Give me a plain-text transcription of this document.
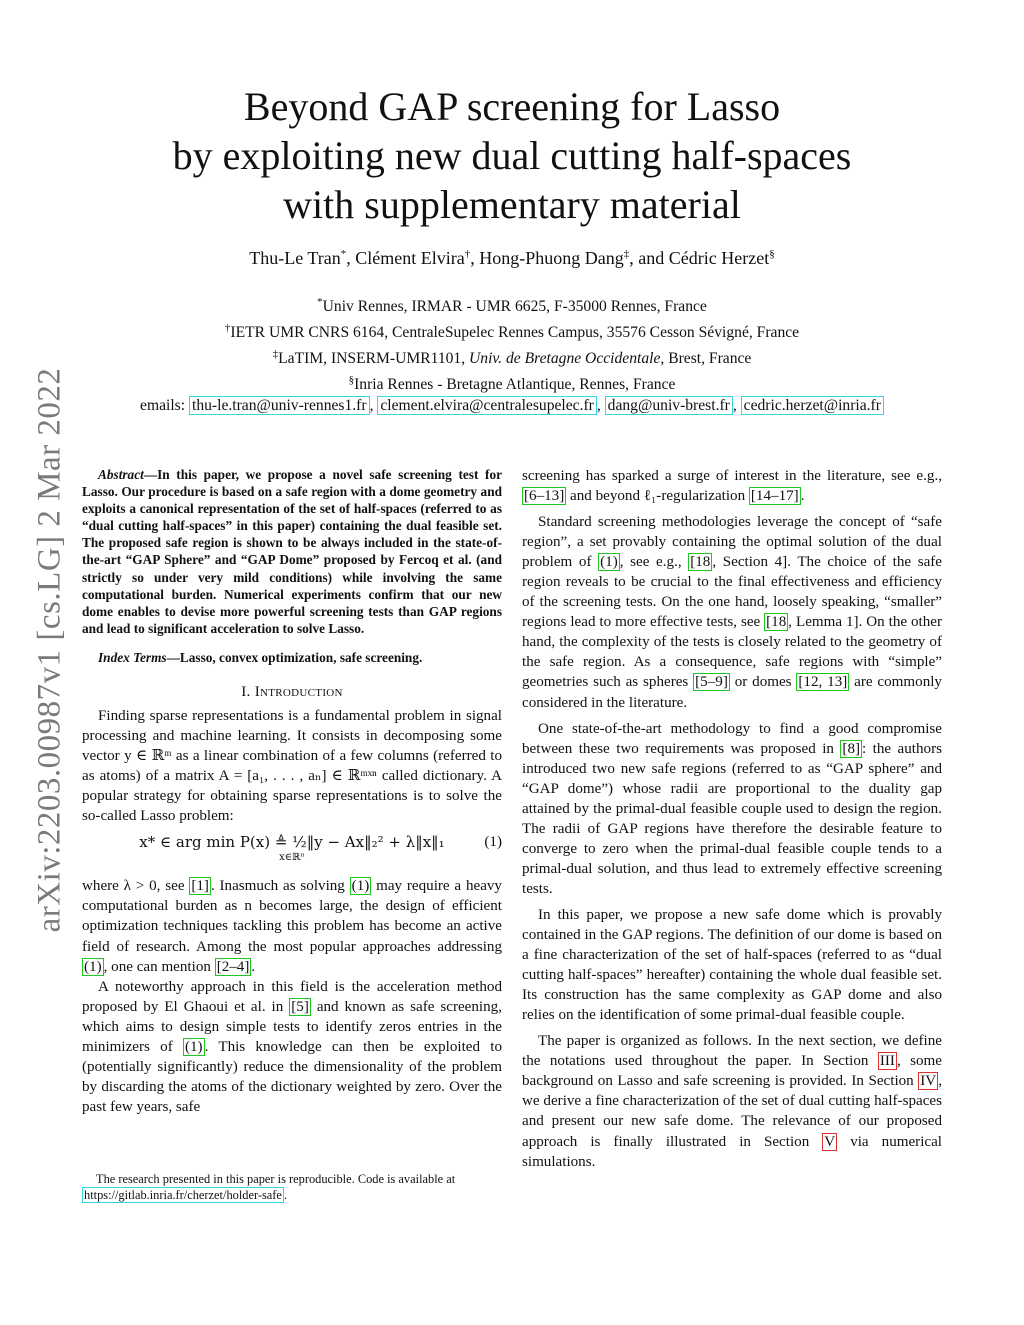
arXiv:2203.00987v1 [cs.LG] 2 Mar 2022
Beyond GAP screening for Lasso
by exploiting new dual cutting half-spaces
with supplementary material
Thu-Le Tran*, Clément Elvira†, Hong-Phuong Dang‡, and Cédric Herzet§
*Univ Rennes, IRMAR - UMR 6625, F-35000 Rennes, France
†IETR UMR CNRS 6164, CentraleSupelec Rennes Campus, 35576 Cesson Sévigné, France
‡LaTIM, INSERM-UMR1101, Univ. de Bretagne Occidentale, Brest, France
§Inria Rennes - Bretagne Atlantique, Rennes, France
emails: thu-le.tran@univ-rennes1.fr , clement.elvira@centralesupelec.fr , dang@univ-brest.fr , cedric.herzet@inria.fr

Abstract—In this paper, we propose a novel safe screening test for Lasso. Our procedure is based on a safe region with a dome geometry and exploits a canonical representation of the set of half-spaces (referred to as “dual cutting half-spaces” in this paper) containing the dual feasible set. The proposed safe region is shown to be always included in the state-of-the-art “GAP Sphere” and “GAP Dome” proposed by Fercoq et al. (and strictly so under very mild conditions) while involving the same computational burden. Numerical experiments confirm that our new dome enables to devise more powerful screening tests than GAP regions and lead to significant acceleration to solve Lasso.

Index Terms—Lasso, convex optimization, safe screening.

I. Introduction

Finding sparse representations is a fundamental problem in signal processing and machine learning. It consists in decomposing some vector y ∈ ℝᵐ as a linear combination of a few columns (referred to as atoms) of a matrix A = [a₁, . . . , aₙ] ∈ ℝᵐˣⁿ called dictionary. A popular strategy for obtaining sparse representations is to solve the so-called Lasso problem:

x* ∈ arg min P(x) ≜ ½‖y − Ax‖₂² + λ‖x‖₁
x∈ℝⁿ
(1)

where λ > 0, see [1] . Inasmuch as solving (1) may require a heavy computational burden as n becomes large, the design of efficient optimization techniques tackling this problem has become an active field of research. Among the most popular approaches addressing (1) , one can mention [2–4] .

A noteworthy approach in this field is the acceleration method proposed by El Ghaoui et al. in [5] and known as safe screening, which aims to design simple tests to identify zeros entries in the minimizers of (1) . This knowledge can then be exploited to (potentially significantly) reduce the dimensionality of the problem by discarding the atoms of the dictionary weighted by zero. Over the past few years, safe

The research presented in this paper is reproducible. Code is available at
https://gitlab.inria.fr/cherzet/holder-safe .

screening has sparked a surge of interest in the literature, see e.g., [6–13] and beyond ℓ₁-regularization [14–17] .

Standard screening methodologies leverage the concept of “safe region”, a set provably containing the optimal solution of the dual problem of (1) , see e.g., [18 , Section 4]. The choice of the safe region reveals to be crucial to the final effectiveness and efficiency of the screening tests. On the one hand, loosely speaking, “smaller” regions lead to more effective tests, see [18 , Lemma 1]. On the other hand, the complexity of the tests is closely related to the geometry of the safe region. As a consequence, safe regions with “simple” geometries such as spheres [5–9] or domes [12, 13] are commonly considered in the literature.

One state-of-the-art methodology to find a good compromise between these two requirements was proposed in [8] : the authors introduced two new safe regions (referred to as “GAP sphere” and “GAP dome”) whose radii are proportional to the duality gap attained by the primal-dual feasible couple used to design the region. The radii of GAP regions have therefore the desirable feature to converge to zero when the primal-dual feasible couple tends to a primal-dual solution, and thus lead to extremely effective screening tests.

In this paper, we propose a new safe dome which is provably contained in the GAP regions. The definition of our dome is based on a fine characterization of the set of half-spaces (referred to as “dual cutting half-spaces” hereafter) containing the whole dual feasible set. Its construction has the same complexity as GAP dome and also relies on the identification of some primal-dual feasible couple.

The paper is organized as follows. In the next section, we define the notations used throughout the paper. In Section III , some background on Lasso and safe screening is provided. In Section IV , we derive a fine characterization of the set of dual cutting half-spaces and present our new safe dome. The relevance of our proposed approach is finally illustrated in Section V via numerical simulations.
